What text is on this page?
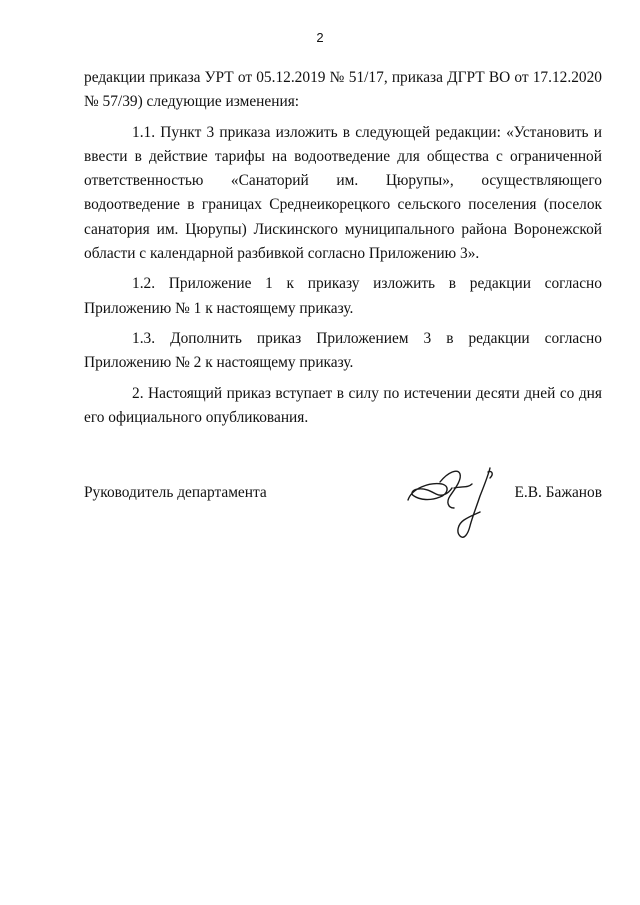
2

редакции приказа УРТ от 05.12.2019 № 51/17, приказа ДГРТ ВО от 17.12.2020 № 57/39) следующие изменения:

1.1. Пункт 3 приказа изложить в следующей редакции: «Установить и ввести в действие тарифы на водоотведение для общества с ограниченной ответственностью «Санаторий им. Цюрупы», осуществляющего водоотведение в границах Среднеикорецкого сельского поселения (поселок санатория им. Цюрупы) Лискинского муниципального района Воронежской области с календарной разбивкой согласно Приложению 3».

1.2. Приложение 1 к приказу изложить в редакции согласно Приложению № 1 к настоящему приказу.

1.3. Дополнить приказ Приложением 3 в редакции согласно Приложению № 2 к настоящему приказу.

2. Настоящий приказ вступает в силу по истечении десяти дней со дня его официального опубликования.

Руководитель департамента	Е.В. Бажанов
